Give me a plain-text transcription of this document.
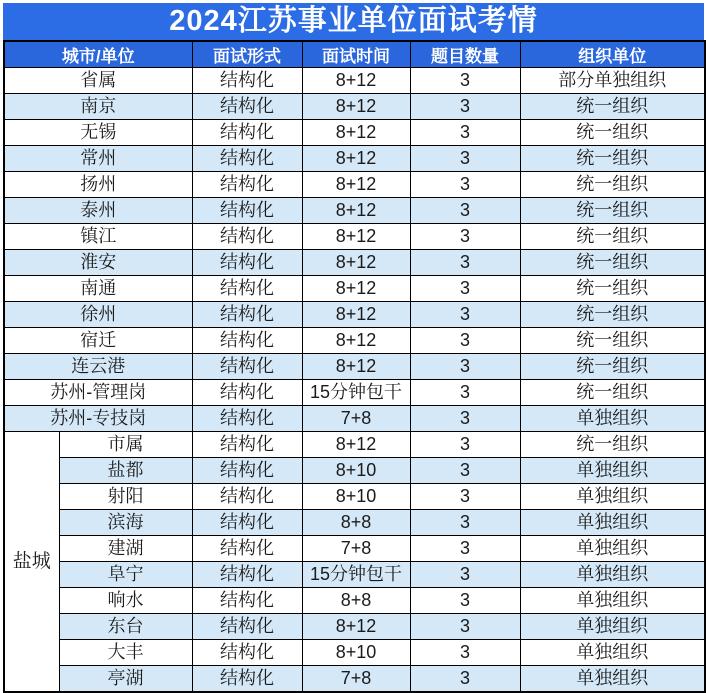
2024江苏事业单位面试考情
城市/单位		面试形式	面试时间	题目数量	组织单位
省属		结构化	8+12	3	部分单独组织
南京		结构化	8+12	3	统一组织
无锡		结构化	8+12	3	统一组织
常州		结构化	8+12	3	统一组织
扬州		结构化	8+12	3	统一组织
泰州		结构化	8+12	3	统一组织
镇江		结构化	8+12	3	统一组织
淮安		结构化	8+12	3	统一组织
南通		结构化	8+12	3	统一组织
徐州		结构化	8+12	3	统一组织
宿迁		结构化	8+12	3	统一组织
连云港		结构化	8+12	3	统一组织
苏州-管理岗		结构化	15分钟包干	3	统一组织
苏州-专技岗		结构化	7+8	3	单独组织
盐城	市属	结构化	8+12	3	统一组织
	盐都	结构化	8+10	3	单独组织
	射阳	结构化	8+10	3	单独组织
	滨海	结构化	8+8	3	单独组织
	建湖	结构化	7+8	3	单独组织
	阜宁	结构化	15分钟包干	3	单独组织
	响水	结构化	8+8	3	单独组织
	东台	结构化	8+12	3	单独组织
	大丰	结构化	8+10	3	单独组织
	亭湖	结构化	7+8	3	单独组织
